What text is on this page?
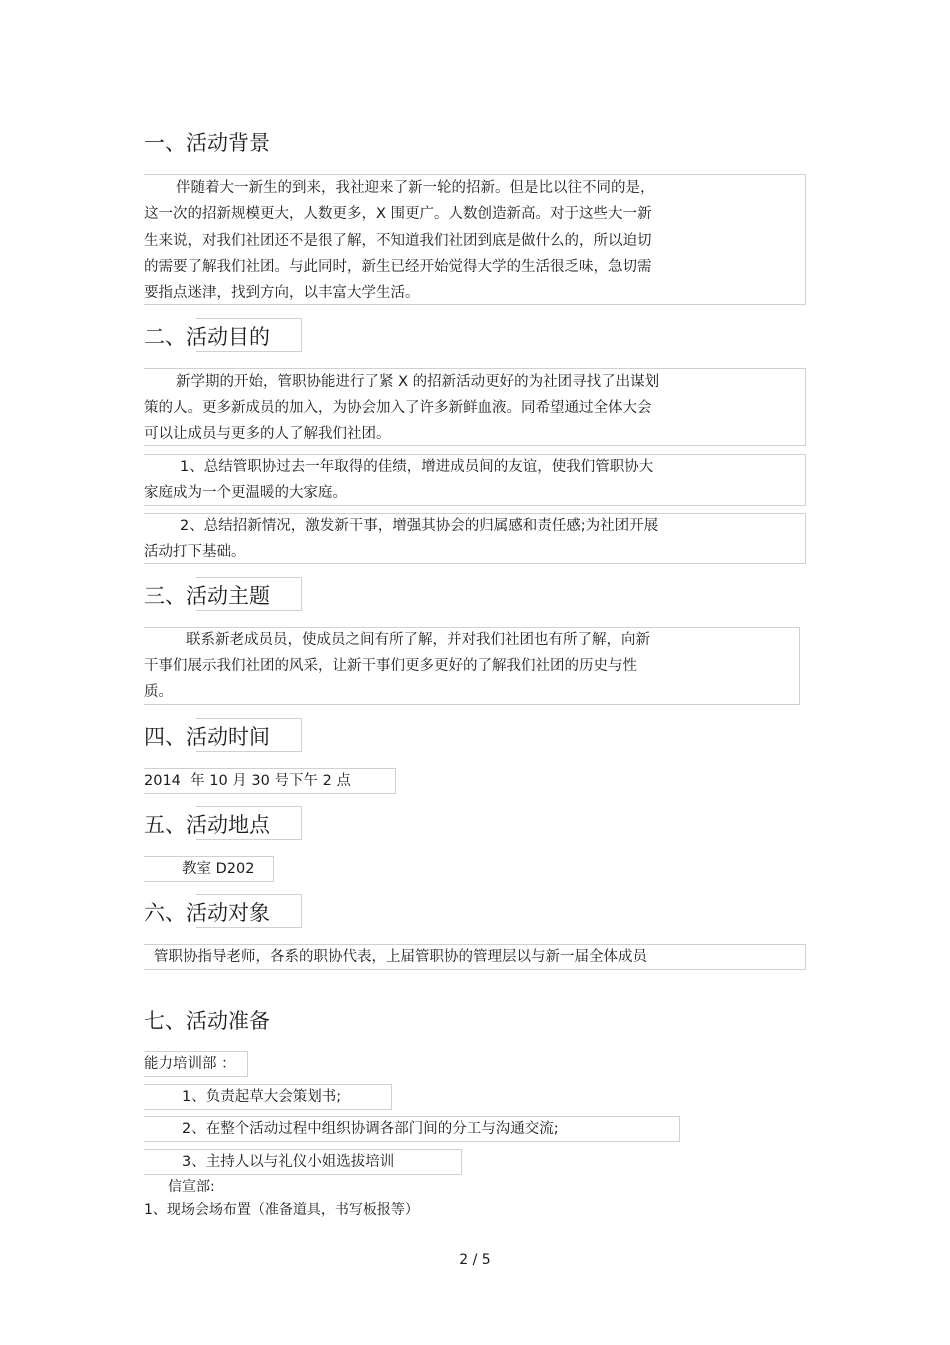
一、活动背景
伴随着大一新生的到来，我社迎来了新一轮的招新。但是比以往不同的是，
这一次的招新规模更大，人数更多，X 围更广。人数创造新高。对于这些大一新
生来说，对我们社团还不是很了解，不知道我们社团到底是做什么的，所以迫切
的需要了解我们社团。与此同时，新生已经开始觉得大学的生活很乏味，急切需
要指点迷津，找到方向，以丰富大学生活。
二、活动目的
新学期的开始，管职协能进行了紧 X 的招新活动更好的为社团寻找了出谋划
策的人。更多新成员的加入，为协会加入了许多新鲜血液。同希望通过全体大会
可以让成员与更多的人了解我们社团。
1、总结管职协过去一年取得的佳绩，增进成员间的友谊，使我们管职协大
家庭成为一个更温暖的大家庭。
2、总结招新情况，激发新干事，增强其协会的归属感和责任感;为社团开展
活动打下基础。
三、活动主题
联系新老成员员，使成员之间有所了解，并对我们社团也有所了解，向新
干事们展示我们社团的风采，让新干事们更多更好的了解我们社团的历史与性
质。
四、活动时间
2014  年 10 月 30 号下午 2 点
五、活动地点
教室 D202
六、活动对象
管职协指导老师，各系的职协代表，上届管职协的管理层以与新一届全体成员
七、活动准备
能力培训部 ：
1、负责起草大会策划书;
2、在整个活动过程中组织协调各部门间的分工与沟通交流;
3、主持人以与礼仪小姐选拔培训
信宣部:
1、现场会场布置（准备道具，书写板报等）
2 / 5
